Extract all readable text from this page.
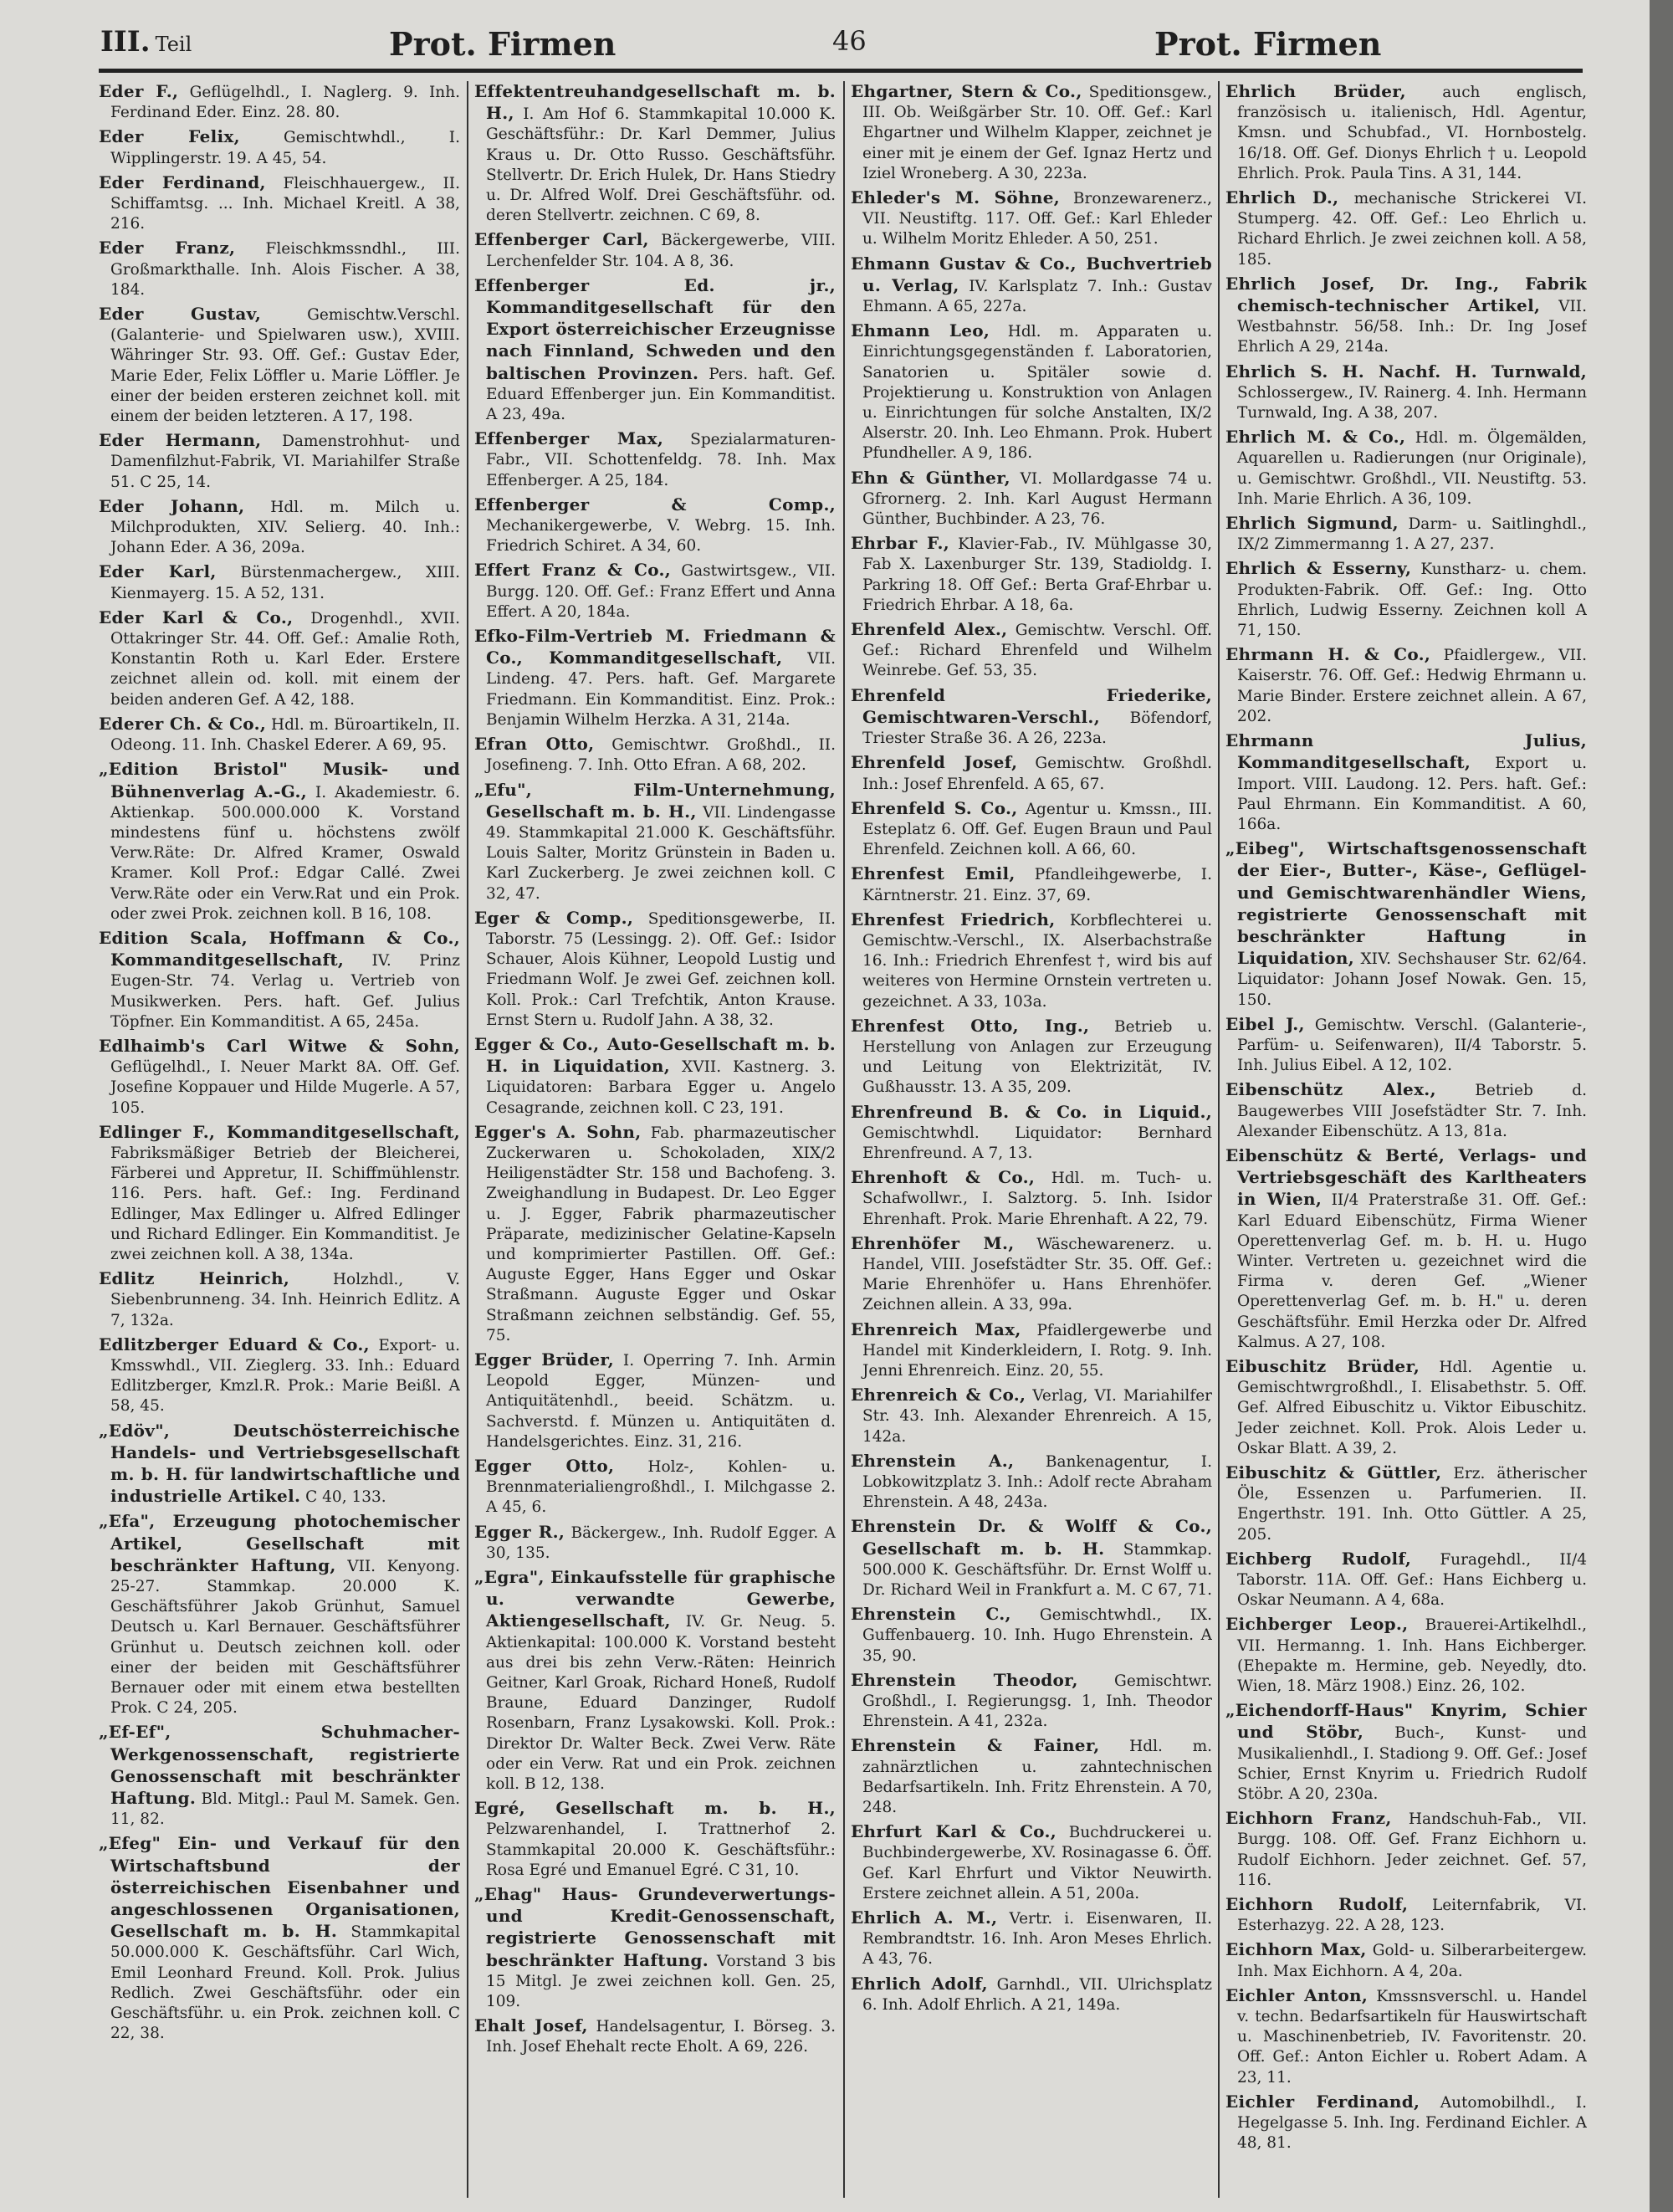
III. Teil	Prot. Firmen	46	Prot. Firmen
Eder F., Geflügelhdl., I. Naglerg. 9. Inh. Ferdinand Eder. Einz. 28. 80.
Eder Felix, Gemischtwhdl., I. Wipplingerstr. 19. A 45, 54.
Eder Ferdinand, Fleischhauergew., II. Schiffamtsg. ... Inh. Michael Kreitl. A 38, 216.
Eder Franz, Fleischkmssndhl., III. Großmarkthalle. Inh. Alois Fischer. A 38, 184.
Eder Gustav, Gemischtw.Verschl. (Galanterie- und Spielwaren usw.), XVIII. Währinger Str. 93. Off. Gef.: Gustav Eder, Marie Eder, Felix Löffler u. Marie Löffler. Je einer der beiden ersteren zeichnet koll. mit einem der beiden letzteren. A 17, 198.
Eder Hermann, Damenstrohhut- und Damenfilzhut-Fabrik, VI. Mariahilfer Straße 51. C 25, 14.
Eder Johann, Hdl. m. Milch u. Milchprodukten, XIV. Selierg. 40. Inh.: Johann Eder. A 36, 209a.
Eder Karl, Bürstenmachergew., XIII. Kienmayerg. 15. A 52, 131.
Eder Karl & Co., Drogenhdl., XVII. Ottakringer Str. 44. Off. Gef.: Amalie Roth, Konstantin Roth u. Karl Eder. Erstere zeichnet allein od. koll. mit einem der beiden anderen Gef. A 42, 188.
Ederer Ch. & Co., Hdl. m. Büroartikeln, II. Odeong. 11. Inh. Chaskel Ederer. A 69, 95.
„Edition Bristol" Musik- und Bühnenverlag A.-G., I. Akademiestr. 6. Aktienkap. 500.000.000 K. Vorstand mindestens fünf u. höchstens zwölf Verw.Räte: Dr. Alfred Kramer, Oswald Kramer. Koll Prof.: Edgar Callé. Zwei Verw.Räte oder ein Verw.Rat und ein Prok. oder zwei Prok. zeichnen koll. B 16, 108.
Edition Scala, Hoffmann & Co., Kommanditgesellschaft, IV. Prinz Eugen-Str. 74. Verlag u. Vertrieb von Musikwerken. Pers. haft. Gef. Julius Töpfner. Ein Kommanditist. A 65, 245a.
Edlhaimb's Carl Witwe & Sohn, Geflügelhdl., I. Neuer Markt 8A. Off. Gef. Josefine Koppauer und Hilde Mugerle. A 57, 105.
Edlinger F., Kommanditgesellschaft, Fabriksmäßiger Betrieb der Bleicherei, Färberei und Appretur, II. Schiffmühlenstr. 116. Pers. haft. Gef.: Ing. Ferdinand Edlinger, Max Edlinger u. Alfred Edlinger und Richard Edlinger. Ein Kommanditist. Je zwei zeichnen koll. A 38, 134a.
Edlitz Heinrich, Holzhdl., V. Siebenbrunneng. 34. Inh. Heinrich Edlitz. A 7, 132a.
Edlitzberger Eduard & Co., Export- u. Kmsswhdl., VII. Zieglerg. 33. Inh.: Eduard Edlitzberger, Kmzl.R. Prok.: Marie Beißl. A 58, 45.
„Edöv", Deutschösterreichische Handels- und Vertriebsgesellschaft m. b. H. für landwirtschaftliche und industrielle Artikel. C 40, 133.
„Efa", Erzeugung photochemischer Artikel, Gesellschaft mit beschränkter Haftung, VII. Kenyong. 25-27. Stammkap. 20.000 K. Geschäftsführer Jakob Grünhut, Samuel Deutsch u. Karl Bernauer. Geschäftsführer Grünhut u. Deutsch zeichnen koll. oder einer der beiden mit Geschäftsführer Bernauer oder mit einem etwa bestellten Prok. C 24, 205.
„Ef-Ef", Schuhmacher-Werkgenossenschaft, registrierte Genossenschaft mit beschränkter Haftung. Bld. Mitgl.: Paul M. Samek. Gen. 11, 82.
„Efeg" Ein- und Verkauf für den Wirtschaftsbund der österreichischen Eisenbahner und angeschlossenen Organisationen, Gesellschaft m. b. H. Stammkapital 50.000.000 K. Geschäftsführ. Carl Wich, Emil Leonhard Freund. Koll. Prok. Julius Redlich. Zwei Geschäftsführ. oder ein Geschäftsführ. u. ein Prok. zeichnen koll. C 22, 38.
Effektentreuhandgesellschaft m. b. H., I. Am Hof 6. Stammkapital 10.000 K. Geschäftsführ.: Dr. Karl Demmer, Julius Kraus u. Dr. Otto Russo. Geschäftsführ. Stellvertr. Dr. Erich Hulek, Dr. Hans Stiedry u. Dr. Alfred Wolf. Drei Geschäftsführ. od. deren Stellvertr. zeichnen. C 69, 8.
Effenberger Carl, Bäckergewerbe, VIII. Lerchenfelder Str. 104. A 8, 36.
Effenberger Ed. jr., Kommanditgesellschaft für den Export österreichischer Erzeugnisse nach Finnland, Schweden und den baltischen Provinzen. Pers. haft. Gef. Eduard Effenberger jun. Ein Kommanditist. A 23, 49a.
Effenberger Max, Spezialarmaturen-Fabr., VII. Schottenfeldg. 78. Inh. Max Effenberger. A 25, 184.
Effenberger & Comp., Mechanikergewerbe, V. Webrg. 15. Inh. Friedrich Schiret. A 34, 60.
Effert Franz & Co., Gastwirtsgew., VII. Burgg. 120. Off. Gef.: Franz Effert und Anna Effert. A 20, 184a.
Efko-Film-Vertrieb M. Friedmann & Co., Kommanditgesellschaft, VII. Lindeng. 47. Pers. haft. Gef. Margarete Friedmann. Ein Kommanditist. Einz. Prok.: Benjamin Wilhelm Herzka. A 31, 214a.
Efran Otto, Gemischtwr. Großhdl., II. Josefineng. 7. Inh. Otto Efran. A 68, 202.
„Efu", Film-Unternehmung, Gesellschaft m. b. H., VII. Lindengasse 49. Stammkapital 21.000 K. Geschäftsführ. Louis Salter, Moritz Grünstein in Baden u. Karl Zuckerberg. Je zwei zeichnen koll. C 32, 47.
Eger & Comp., Speditionsgewerbe, II. Taborstr. 75 (Lessingg. 2). Off. Gef.: Isidor Schauer, Alois Kühner, Leopold Lustig und Friedmann Wolf. Je zwei Gef. zeichnen koll. Koll. Prok.: Carl Trefchtik, Anton Krause. Ernst Stern u. Rudolf Jahn. A 38, 32.
Egger & Co., Auto-Gesellschaft m. b. H. in Liquidation, XVII. Kastnerg. 3. Liquidatoren: Barbara Egger u. Angelo Cesagrande, zeichnen koll. C 23, 191.
Egger's A. Sohn, Fab. pharmazeutischer Zuckerwaren u. Schokoladen, XIX/2 Heiligenstädter Str. 158 und Bachofeng. 3. Zweighandlung in Budapest. Dr. Leo Egger u. J. Egger, Fabrik pharmazeutischer Präparate, medizinischer Gelatine-Kapseln und komprimierter Pastillen. Off. Gef.: Auguste Egger, Hans Egger und Oskar Straßmann. Auguste Egger und Oskar Straßmann zeichnen selbständig. Gef. 55, 75.
Egger Brüder, I. Operring 7. Inh. Armin Leopold Egger, Münzen- und Antiquitätenhdl., beeid. Schätzm. u. Sachverstd. f. Münzen u. Antiquitäten d. Handelsgerichtes. Einz. 31, 216.
Egger Otto, Holz-, Kohlen- u. Brennmaterialiengroßhdl., I. Milchgasse 2. A 45, 6.
Egger R., Bäckergew., Inh. Rudolf Egger. A 30, 135.
„Egra", Einkaufsstelle für graphische u. verwandte Gewerbe, Aktiengesellschaft, IV. Gr. Neug. 5. Aktienkapital: 100.000 K. Vorstand besteht aus drei bis zehn Verw.-Räten: Heinrich Geitner, Karl Groak, Richard Honeß, Rudolf Braune, Eduard Danzinger, Rudolf Rosenbarn, Franz Lysakowski. Koll. Prok.: Direktor Dr. Walter Beck. Zwei Verw. Räte oder ein Verw. Rat und ein Prok. zeichnen koll. B 12, 138.
Egré, Gesellschaft m. b. H., Pelzwarenhandel, I. Trattnerhof 2. Stammkapital 20.000 K. Geschäftsführ.: Rosa Egré und Emanuel Egré. C 31, 10.
„Ehag" Haus- Grundeverwertungs- und Kredit-Genossenschaft, registrierte Genossenschaft mit beschränkter Haftung. Vorstand 3 bis 15 Mitgl. Je zwei zeichnen koll. Gen. 25, 109.
Ehalt Josef, Handelsagentur, I. Börseg. 3. Inh. Josef Ehehalt recte Eholt. A 69, 226.
Ehgartner, Stern & Co., Speditionsgew., III. Ob. Weißgärber Str. 10. Off. Gef.: Karl Ehgartner und Wilhelm Klapper, zeichnet je einer mit je einem der Gef. Ignaz Hertz und Iziel Wroneberg. A 30, 223a.
Ehleder's M. Söhne, Bronzewarenerz., VII. Neustiftg. 117. Off. Gef.: Karl Ehleder u. Wilhelm Moritz Ehleder. A 50, 251.
Ehmann Gustav & Co., Buchvertrieb u. Verlag, IV. Karlsplatz 7. Inh.: Gustav Ehmann. A 65, 227a.
Ehmann Leo, Hdl. m. Apparaten u. Einrichtungsgegenständen f. Laboratorien, Sanatorien u. Spitäler sowie d. Projektierung u. Konstruktion von Anlagen u. Einrichtungen für solche Anstalten, IX/2 Alserstr. 20. Inh. Leo Ehmann. Prok. Hubert Pfundheller. A 9, 186.
Ehn & Günther, VI. Mollardgasse 74 u. Gfrornerg. 2. Inh. Karl August Hermann Günther, Buchbinder. A 23, 76.
Ehrbar F., Klavier-Fab., IV. Mühlgasse 30, Fab X. Laxenburger Str. 139, Stadioldg. I. Parkring 18. Off Gef.: Berta Graf-Ehrbar u. Friedrich Ehrbar. A 18, 6a.
Ehrenfeld Alex., Gemischtw. Verschl. Off. Gef.: Richard Ehrenfeld und Wilhelm Weinrebe. Gef. 53, 35.
Ehrenfeld Friederike, Gemischtwaren-Verschl., Böfendorf, Triester Straße 36. A 26, 223a.
Ehrenfeld Josef, Gemischtw. Großhdl. Inh.: Josef Ehrenfeld. A 65, 67.
Ehrenfeld S. Co., Agentur u. Kmssn., III. Esteplatz 6. Off. Gef. Eugen Braun und Paul Ehrenfeld. Zeichnen koll. A 66, 60.
Ehrenfest Emil, Pfandleihgewerbe, I. Kärntnerstr. 21. Einz. 37, 69.
Ehrenfest Friedrich, Korbflechterei u. Gemischtw.-Verschl., IX. Alserbachstraße 16. Inh.: Friedrich Ehrenfest †, wird bis auf weiteres von Hermine Ornstein vertreten u. gezeichnet. A 33, 103a.
Ehrenfest Otto, Ing., Betrieb u. Herstellung von Anlagen zur Erzeugung und Leitung von Elektrizität, IV. Gußhausstr. 13. A 35, 209.
Ehrenfreund B. & Co. in Liquid., Gemischtwhdl. Liquidator: Bernhard Ehrenfreund. A 7, 13.
Ehrenhoft & Co., Hdl. m. Tuch- u. Schafwollwr., I. Salztorg. 5. Inh. Isidor Ehrenhaft. Prok. Marie Ehrenhaft. A 22, 79.
Ehrenhöfer M., Wäschewarenerz. u. Handel, VIII. Josefstädter Str. 35. Off. Gef.: Marie Ehrenhöfer u. Hans Ehrenhöfer. Zeichnen allein. A 33, 99a.
Ehrenreich Max, Pfaidlergewerbe und Handel mit Kinderkleidern, I. Rotg. 9. Inh. Jenni Ehrenreich. Einz. 20, 55.
Ehrenreich & Co., Verlag, VI. Mariahilfer Str. 43. Inh. Alexander Ehrenreich. A 15, 142a.
Ehrenstein A., Bankenagentur, I. Lobkowitzplatz 3. Inh.: Adolf recte Abraham Ehrenstein. A 48, 243a.
Ehrenstein Dr. & Wolff & Co., Gesellschaft m. b. H. Stammkap. 500.000 K. Geschäftsführ. Dr. Ernst Wolff u. Dr. Richard Weil in Frankfurt a. M. C 67, 71.
Ehrenstein C., Gemischtwhdl., IX. Guffenbauerg. 10. Inh. Hugo Ehrenstein. A 35, 90.
Ehrenstein Theodor, Gemischtwr. Großhdl., I. Regierungsg. 1, Inh. Theodor Ehrenstein. A 41, 232a.
Ehrenstein & Fainer, Hdl. m. zahnärztlichen u. zahntechnischen Bedarfsartikeln. Inh. Fritz Ehrenstein. A 70, 248.
Ehrfurt Karl & Co., Buchdruckerei u. Buchbindergewerbe, XV. Rosinagasse 6. Öff. Gef. Karl Ehrfurt und Viktor Neuwirth. Erstere zeichnet allein. A 51, 200a.
Ehrlich A. M., Vertr. i. Eisenwaren, II. Rembrandtstr. 16. Inh. Aron Meses Ehrlich. A 43, 76.
Ehrlich Adolf, Garnhdl., VII. Ulrichsplatz 6. Inh. Adolf Ehrlich. A 21, 149a.
Ehrlich Brüder, auch englisch, französisch u. italienisch, Hdl. Agentur, Kmsn. und Schubfad., VI. Hornbostelg. 16/18. Off. Gef. Dionys Ehrlich † u. Leopold Ehrlich. Prok. Paula Tins. A 31, 144.
Ehrlich D., mechanische Strickerei VI. Stumperg. 42. Off. Gef.: Leo Ehrlich u. Richard Ehrlich. Je zwei zeichnen koll. A 58, 185.
Ehrlich Josef, Dr. Ing., Fabrik chemisch-technischer Artikel, VII. Westbahnstr. 56/58. Inh.: Dr. Ing Josef Ehrlich A 29, 214a.
Ehrlich S. H. Nachf. H. Turnwald, Schlossergew., IV. Rainerg. 4. Inh. Hermann Turnwald, Ing. A 38, 207.
Ehrlich M. & Co., Hdl. m. Ölgemälden, Aquarellen u. Radierungen (nur Originale), u. Gemischtwr. Großhdl., VII. Neustiftg. 53. Inh. Marie Ehrlich. A 36, 109.
Ehrlich Sigmund, Darm- u. Saitlinghdl., IX/2 Zimmermanng 1. A 27, 237.
Ehrlich & Esserny, Kunstharz- u. chem. Produkten-Fabrik. Off. Gef.: Ing. Otto Ehrlich, Ludwig Esserny. Zeichnen koll A 71, 150.
Ehrmann H. & Co., Pfaidlergew., VII. Kaiserstr. 76. Off. Gef.: Hedwig Ehrmann u. Marie Binder. Erstere zeichnet allein. A 67, 202.
Ehrmann Julius, Kommanditgesellschaft, Export u. Import. VIII. Laudong. 12. Pers. haft. Gef.: Paul Ehrmann. Ein Kommanditist. A 60, 166a.
„Eibeg", Wirtschaftsgenossenschaft der Eier-, Butter-, Käse-, Geflügel- und Gemischtwarenhändler Wiens, registrierte Genossenschaft mit beschränkter Haftung in Liquidation, XIV. Sechshauser Str. 62/64. Liquidator: Johann Josef Nowak. Gen. 15, 150.
Eibel J., Gemischtw. Verschl. (Galanterie-, Parfüm- u. Seifenwaren), II/4 Taborstr. 5. Inh. Julius Eibel. A 12, 102.
Eibenschütz Alex., Betrieb d. Baugewerbes VIII Josefstädter Str. 7. Inh. Alexander Eibenschütz. A 13, 81a.
Eibenschütz & Berté, Verlags- und Vertriebsgeschäft des Karltheaters in Wien, II/4 Praterstraße 31. Off. Gef.: Karl Eduard Eibenschütz, Firma Wiener Operettenverlag Gef. m. b. H. u. Hugo Winter. Vertreten u. gezeichnet wird die Firma v. deren Gef. „Wiener Operettenverlag Gef. m. b. H." u. deren Geschäftsführ. Emil Herzka oder Dr. Alfred Kalmus. A 27, 108.
Eibuschitz Brüder, Hdl. Agentie u. Gemischtwrgroßhdl., I. Elisabethstr. 5. Off. Gef. Alfred Eibuschitz u. Viktor Eibuschitz. Jeder zeichnet. Koll. Prok. Alois Leder u. Oskar Blatt. A 39, 2.
Eibuschitz & Güttler, Erz. ätherischer Öle, Essenzen u. Parfumerien. II. Engerthstr. 191. Inh. Otto Güttler. A 25, 205.
Eichberg Rudolf, Furagehdl., II/4 Taborstr. 11A. Off. Gef.: Hans Eichberg u. Oskar Neumann. A 4, 68a.
Eichberger Leop., Brauerei-Artikelhdl., VII. Hermanng. 1. Inh. Hans Eichberger. (Ehepakte m. Hermine, geb. Neyedly, dto. Wien, 18. März 1908.) Einz. 26, 102.
„Eichendorff-Haus" Knyrim, Schier und Stöbr, Buch-, Kunst- und Musikalienhdl., I. Stadiong 9. Off. Gef.: Josef Schier, Ernst Knyrim u. Friedrich Rudolf Stöbr. A 20, 230a.
Eichhorn Franz, Handschuh-Fab., VII. Burgg. 108. Off. Gef. Franz Eichhorn u. Rudolf Eichhorn. Jeder zeichnet. Gef. 57, 116.
Eichhorn Rudolf, Leiternfabrik, VI. Esterhazyg. 22. A 28, 123.
Eichhorn Max, Gold- u. Silberarbeitergew. Inh. Max Eichhorn. A 4, 20a.
Eichler Anton, Kmssnsverschl. u. Handel v. techn. Bedarfsartikeln für Hauswirtschaft u. Maschinenbetrieb, IV. Favoritenstr. 20. Off. Gef.: Anton Eichler u. Robert Adam. A 23, 11.
Eichler Ferdinand, Automobilhdl., I. Hegelgasse 5. Inh. Ing. Ferdinand Eichler. A 48, 81.
